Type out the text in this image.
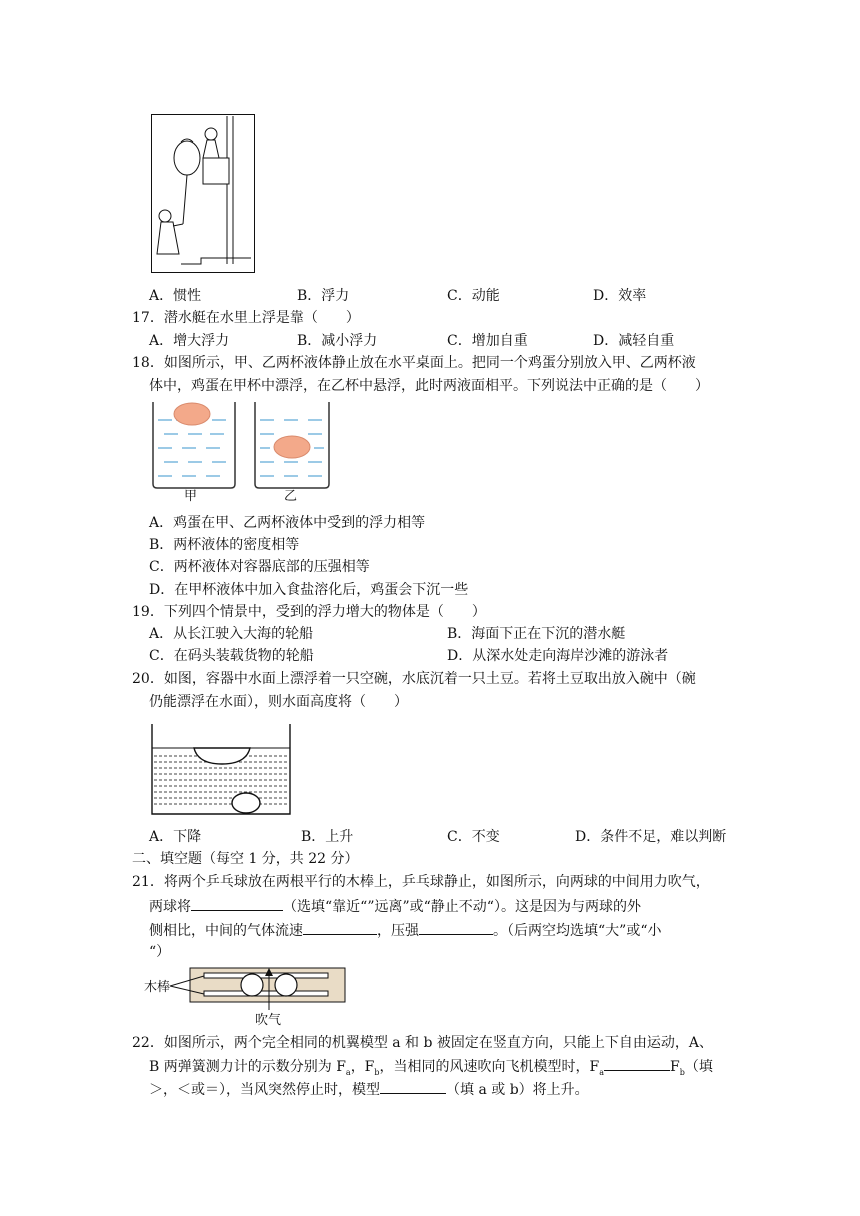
A．惯性	B．浮力	C．动能	D．效率
17．潜水艇在水里上浮是靠（　　）
A．增大浮力	B．减小浮力	C．增加自重	D．减轻自重
18．如图所示，甲、乙两杯液体静止放在水平桌面上。把同一个鸡蛋分别放入甲、乙两杯液
体中，鸡蛋在甲杯中漂浮，在乙杯中悬浮，此时两液面相平。下列说法中正确的是（　　）
甲	乙
A．鸡蛋在甲、乙两杯液体中受到的浮力相等
B．两杯液体的密度相等
C．两杯液体对容器底部的压强相等
D．在甲杯液体中加入食盐溶化后，鸡蛋会下沉一些
19．下列四个情景中，受到的浮力增大的物体是（　　）
A．从长江驶入大海的轮船	B．海面下正在下沉的潜水艇
C．在码头装载货物的轮船	D．从深水处走向海岸沙滩的游泳者
20．如图，容器中水面上漂浮着一只空碗，水底沉着一只土豆。若将土豆取出放入碗中（碗
仍能漂浮在水面），则水面高度将（　　）
A．下降	B．上升	C．不变	D．条件不足，难以判断
二、填空题（每空 1 分，共 22 分）
21．将两个乒乓球放在两根平行的木棒上，乒乓球静止，如图所示，向两球的中间用力吹气，
两球将	（选填“靠近“”远离”或“静止不动“）。这是因为与两球的外
侧相比，中间的气体流速	，压强	。（后两空均选填“大”或“小
“）
木棒
吹气
22．如图所示，两个完全相同的机翼模型 a 和 b 被固定在竖直方向，只能上下自由运动，A、
B 两弹簧测力计的示数分别为 $F_a$，$F_b$，当相同的风速吹向飞机模型时，$F_a$	$F_b$（填
＞，＜或＝），当风突然停止时，模型	（填 a 或 b）将上升。
